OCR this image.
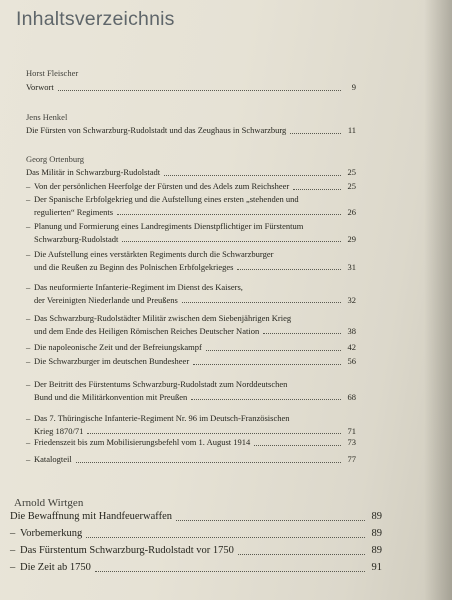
Inhaltsverzeichnis
Horst Fleischer
Vorwort	9
Jens Henkel
Die Fürsten von Schwarzburg-Rudolstadt und das Zeughaus in Schwarzburg	11
Georg Ortenburg
Das Militär in Schwarzburg-Rudolstadt	25
– Von der persönlichen Heerfolge der Fürsten und des Adels zum Reichsheer	25
– Der Spanische Erbfolgekrieg und die Aufstellung eines ersten „stehenden und
regulierten“ Regiments	26
– Planung und Formierung eines Landregiments Dienstpflichtiger im Fürstentum
Schwarzburg-Rudolstadt	29
– Die Aufstellung eines verstärkten Regiments durch die Schwarzburger
und die Reußen zu Beginn des Polnischen Erbfolgekrieges	31
– Das neuformierte Infanterie-Regiment im Dienst des Kaisers,
der Vereinigten Niederlande und Preußens	32
– Das Schwarzburg-Rudolstädter Militär zwischen dem Siebenjährigen Krieg
und dem Ende des Heiligen Römischen Reiches Deutscher Nation	38
– Die napoleonische Zeit und der Befreiungskampf	42
– Die Schwarzburger im deutschen Bundesheer	56
– Der Beitritt des Fürstentums Schwarzburg-Rudolstadt zum Norddeutschen
Bund und die Militärkonvention mit Preußen	68
– Das 7. Thüringische Infanterie-Regiment Nr. 96 im Deutsch-Französischen
Krieg 1870/71	71
– Friedenszeit bis zum Mobilisierungsbefehl vom 1. August 1914	73
– Katalogteil	77
Arnold Wirtgen
Die Bewaffnung mit Handfeuerwaffen	89
– Vorbemerkung	89
– Das Fürstentum Schwarzburg-Rudolstadt vor 1750	89
– Die Zeit ab 1750	91
